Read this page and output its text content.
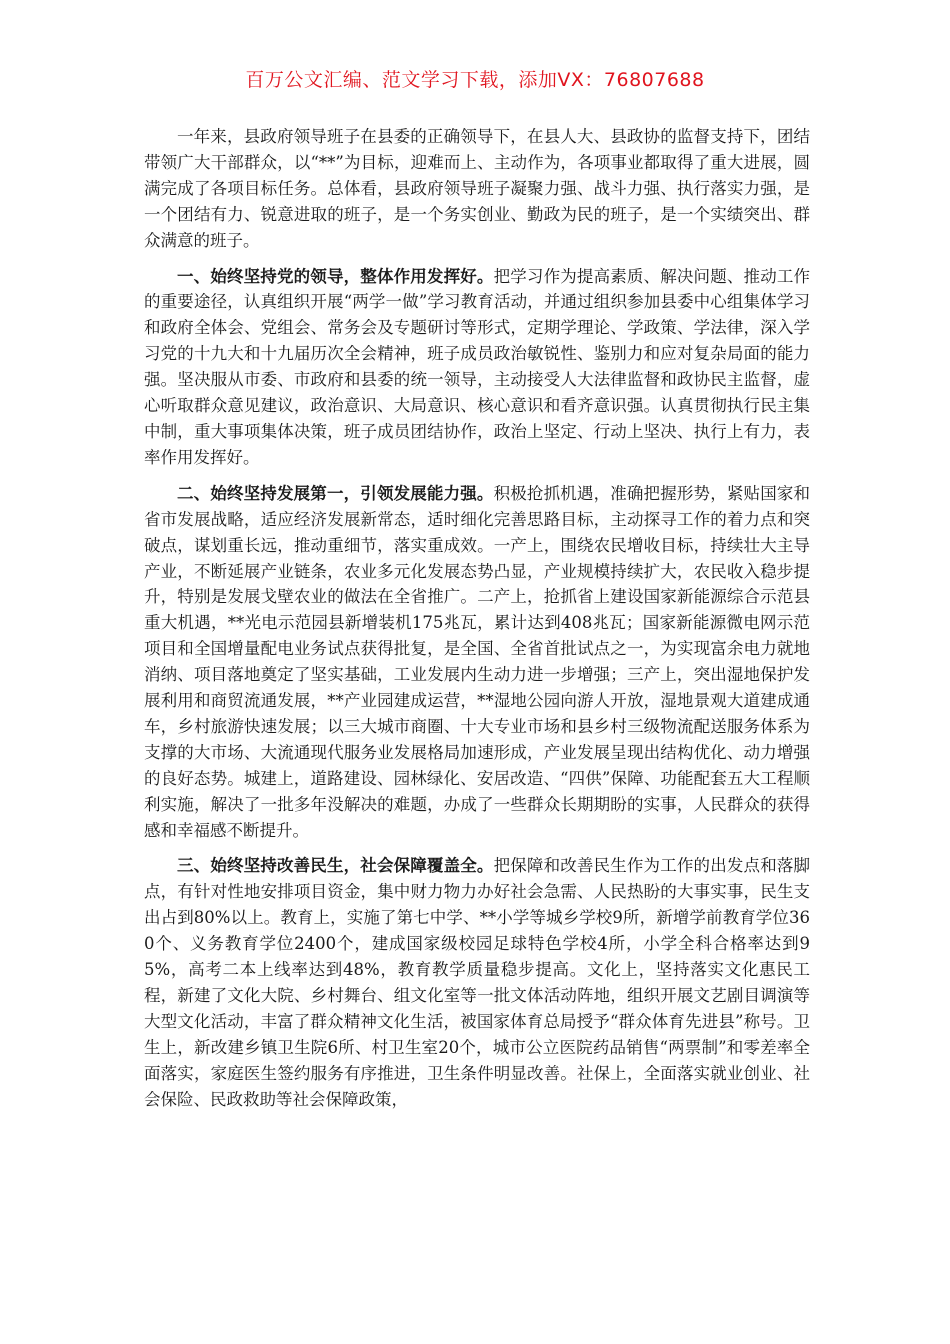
百万公文汇编、范文学习下载，添加VX：76807688

一年来，县政府领导班子在县委的正确领导下，在县人大、县政协的监督支持下，团结带领广大干部群众，以“**”为目标，迎难而上、主动作为，各项事业都取得了重大进展，圆满完成了各项目标任务。总体看，县政府领导班子凝聚力强、战斗力强、执行落实力强，是一个团结有力、锐意进取的班子，是一个务实创业、勤政为民的班子，是一个实绩突出、群众满意的班子。

一、始终坚持党的领导，整体作用发挥好。把学习作为提高素质、解决问题、推动工作的重要途径，认真组织开展“两学一做”学习教育活动，并通过组织参加县委中心组集体学习和政府全体会、党组会、常务会及专题研讨等形式，定期学理论、学政策、学法律，深入学习党的十九大和十九届历次全会精神，班子成员政治敏锐性、鉴别力和应对复杂局面的能力强。坚决服从市委、市政府和县委的统一领导，主动接受人大法律监督和政协民主监督，虚心听取群众意见建议，政治意识、大局意识、核心意识和看齐意识强。认真贯彻执行民主集中制，重大事项集体决策，班子成员团结协作，政治上坚定、行动上坚决、执行上有力，表率作用发挥好。

二、始终坚持发展第一，引领发展能力强。积极抢抓机遇，准确把握形势，紧贴国家和省市发展战略，适应经济发展新常态，适时细化完善思路目标，主动探寻工作的着力点和突破点，谋划重长远，推动重细节，落实重成效。一产上，围绕农民增收目标，持续壮大主导产业，不断延展产业链条，农业多元化发展态势凸显，产业规模持续扩大，农民收入稳步提升，特别是发展戈壁农业的做法在全省推广。二产上，抢抓省上建设国家新能源综合示范县重大机遇，**光电示范园县新增装机175兆瓦，累计达到408兆瓦；国家新能源微电网示范项目和全国增量配电业务试点获得批复，是全国、全省首批试点之一，为实现富余电力就地消纳、项目落地奠定了坚实基础，工业发展内生动力进一步增强；三产上，突出湿地保护发展利用和商贸流通发展，**产业园建成运营，**湿地公园向游人开放，湿地景观大道建成通车，乡村旅游快速发展；以三大城市商圈、十大专业市场和县乡村三级物流配送服务体系为支撑的大市场、大流通现代服务业发展格局加速形成，产业发展呈现出结构优化、动力增强的良好态势。城建上，道路建设、园林绿化、安居改造、“四供”保障、功能配套五大工程顺利实施，解决了一批多年没解决的难题，办成了一些群众长期期盼的实事，人民群众的获得感和幸福感不断提升。

三、始终坚持改善民生，社会保障覆盖全。把保障和改善民生作为工作的出发点和落脚点，有针对性地安排项目资金，集中财力物力办好社会急需、人民热盼的大事实事，民生支出占到80%以上。教育上，实施了第七中学、**小学等城乡学校9所，新增学前教育学位360个、义务教育学位2400个，建成国家级校园足球特色学校4所，小学全科合格率达到95%，高考二本上线率达到48%，教育教学质量稳步提高。文化上，坚持落实文化惠民工程，新建了文化大院、乡村舞台、组文化室等一批文体活动阵地，组织开展文艺剧目调演等大型文化活动，丰富了群众精神文化生活，被国家体育总局授予“群众体育先进县”称号。卫生上，新改建乡镇卫生院6所、村卫生室20个，城市公立医院药品销售“两票制”和零差率全面落实，家庭医生签约服务有序推进，卫生条件明显改善。社保上，全面落实就业创业、社会保险、民政救助等社会保障政策，
